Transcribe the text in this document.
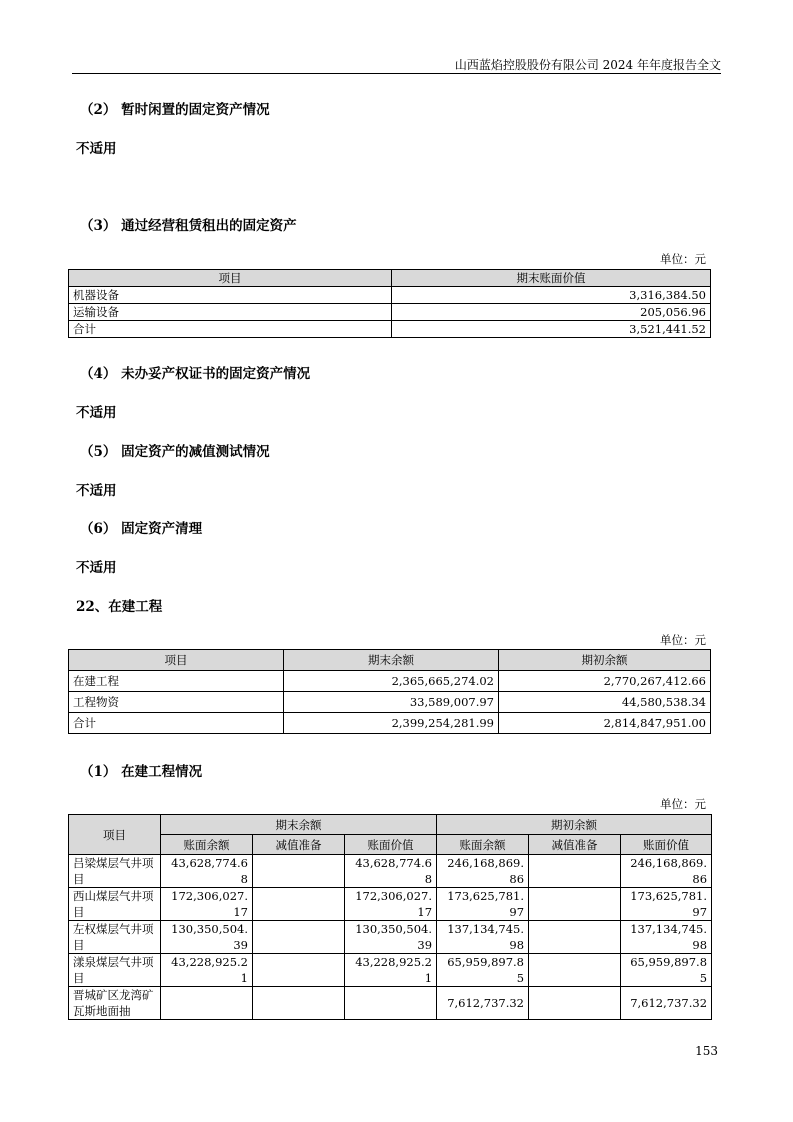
山西蓝焰控股股份有限公司 2024 年年度报告全文
（2） 暂时闲置的固定资产情况
不适用
（3） 通过经营租赁租出的固定资产
单位：元
项目	期末账面价值
机器设备	3,316,384.50
运输设备	205,056.96
合计	3,521,441.52
（4） 未办妥产权证书的固定资产情况
不适用
（5） 固定资产的减值测试情况
不适用
（6） 固定资产清理
不适用
22、在建工程
单位：元
项目	期末余额	期初余额
在建工程	2,365,665,274.02	2,770,267,412.66
工程物资	33,589,007.97	44,580,538.34
合计	2,399,254,281.99	2,814,847,951.00
（1） 在建工程情况
单位：元
项目	期末余额			期初余额		
	账面余额	减值准备	账面价值	账面余额	减值准备	账面价值
吕梁煤层气井项目	43,628,774.68		43,628,774.68	246,168,869.86		246,168,869.86
西山煤层气井项目	172,306,027.17		172,306,027.17	173,625,781.97		173,625,781.97
左权煤层气井项目	130,350,504.39		130,350,504.39	137,134,745.98		137,134,745.98
漾泉煤层气井项目	43,228,925.21		43,228,925.21	65,959,897.85		65,959,897.85
晋城矿区龙湾矿瓦斯地面抽				7,612,737.32		7,612,737.32
153
